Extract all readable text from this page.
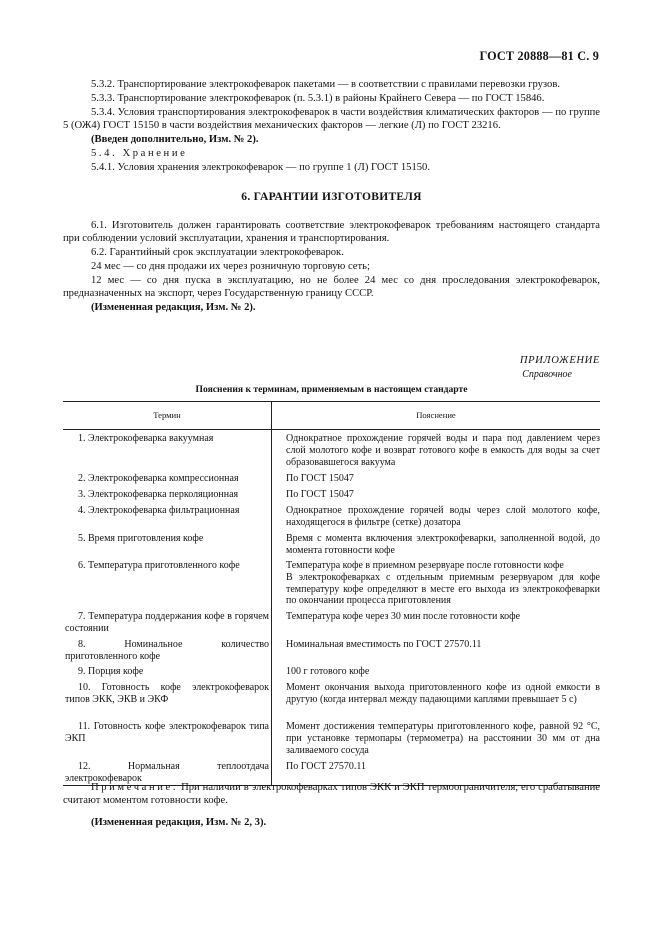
ГОСТ 20888—81 С. 9
5.3.2. Транспортирование электрокофеварок пакетами — в соответствии с правилами перевозки грузов.
5.3.3. Транспортирование электрокофеварок (п. 5.3.1) в районы Крайнего Севера — по ГОСТ 15846.
5.3.4. Условия транспортирования электрокофеварок в части воздействия климатических факторов — по группе 5 (ОЖ4) ГОСТ 15150 в части воздействия механических факторов — легкие (Л) по ГОСТ 23216.
(Введен дополнительно, Изм. № 2).
5.4. Хранение
5.4.1. Условия хранения электрокофеварок — по группе 1 (Л) ГОСТ 15150.
6. ГАРАНТИИ ИЗГОТОВИТЕЛЯ
6.1. Изготовитель должен гарантировать соответствие электрокофеварок требованиям настоящего стандарта при соблюдении условий эксплуатации, хранения и транспортирования.
6.2. Гарантийный срок эксплуатации электрокофеварок.
24 мес — со дня продажи их через розничную торговую сеть;
12 мес — со дня пуска в эксплуатацию, но не более 24 мес со дня проследования электрокофеварок, предназначенных на экспорт, через Государственную границу СССР.
(Измененная редакция, Изм. № 2).
ПРИЛОЖЕНИЕ
Справочное
Пояснения к терминам, применяемым в настоящем стандарте
Термин	Пояснение

1. Электрокофеварка вакуумная	Однократное прохождение горячей воды и пара под давлением через слой молотого кофе и возврат готового кофе в емкость для воды за счет образовавшегося вакуума

2. Электрокофеварка компрессионная	По ГОСТ 15047

3. Электрокофеварка перколяционная	По ГОСТ 15047

4. Электрокофеварка фильтрационная	Однократное прохождение горячей воды через слой молотого кофе, находящегося в фильтре (сетке) дозатора

5. Время приготовления кофе	Время с момента включения электрокофеварки, заполненной водой, до момента готовности кофе

6. Температура приготовленного кофе	Температура кофе в приемном резервуаре после готовности кофе
В электрокофеварках с отдельным приемным резервуаром для кофе температуру кофе определяют в месте его выхода из электрокофеварки по окончании процесса приготовления

7. Температура поддержания кофе в горячем состоянии	Температура кофе через 30 мин после готовности кофе

8. Номинальное количество приготовленного кофе	Номинальная вместимость по ГОСТ 27570.11

9. Порция кофе	100 г готового кофе

10. Готовность кофе электрокофеварок типов ЭКК, ЭКВ и ЭКФ	Момент окончания выхода приготовленного кофе из одной емкости в другую (когда интервал между падающими каплями превышает 5 с)

11. Готовность кофе электрокофеварок типа ЭКП	Момент достижения температуры приготовленного кофе, равной 92 °С, при установке термопары (термометра) на расстоянии 30 мм от дна заливаемого сосуда

12. Нормальная теплоотдача электрокофеварок	По ГОСТ 27570.11
Примечание. При наличии в электрокофеварках типов ЭКК и ЭКП термоограничителя, его срабатывание считают моментом готовности кофе.
(Измененная редакция, Изм. № 2, 3).
